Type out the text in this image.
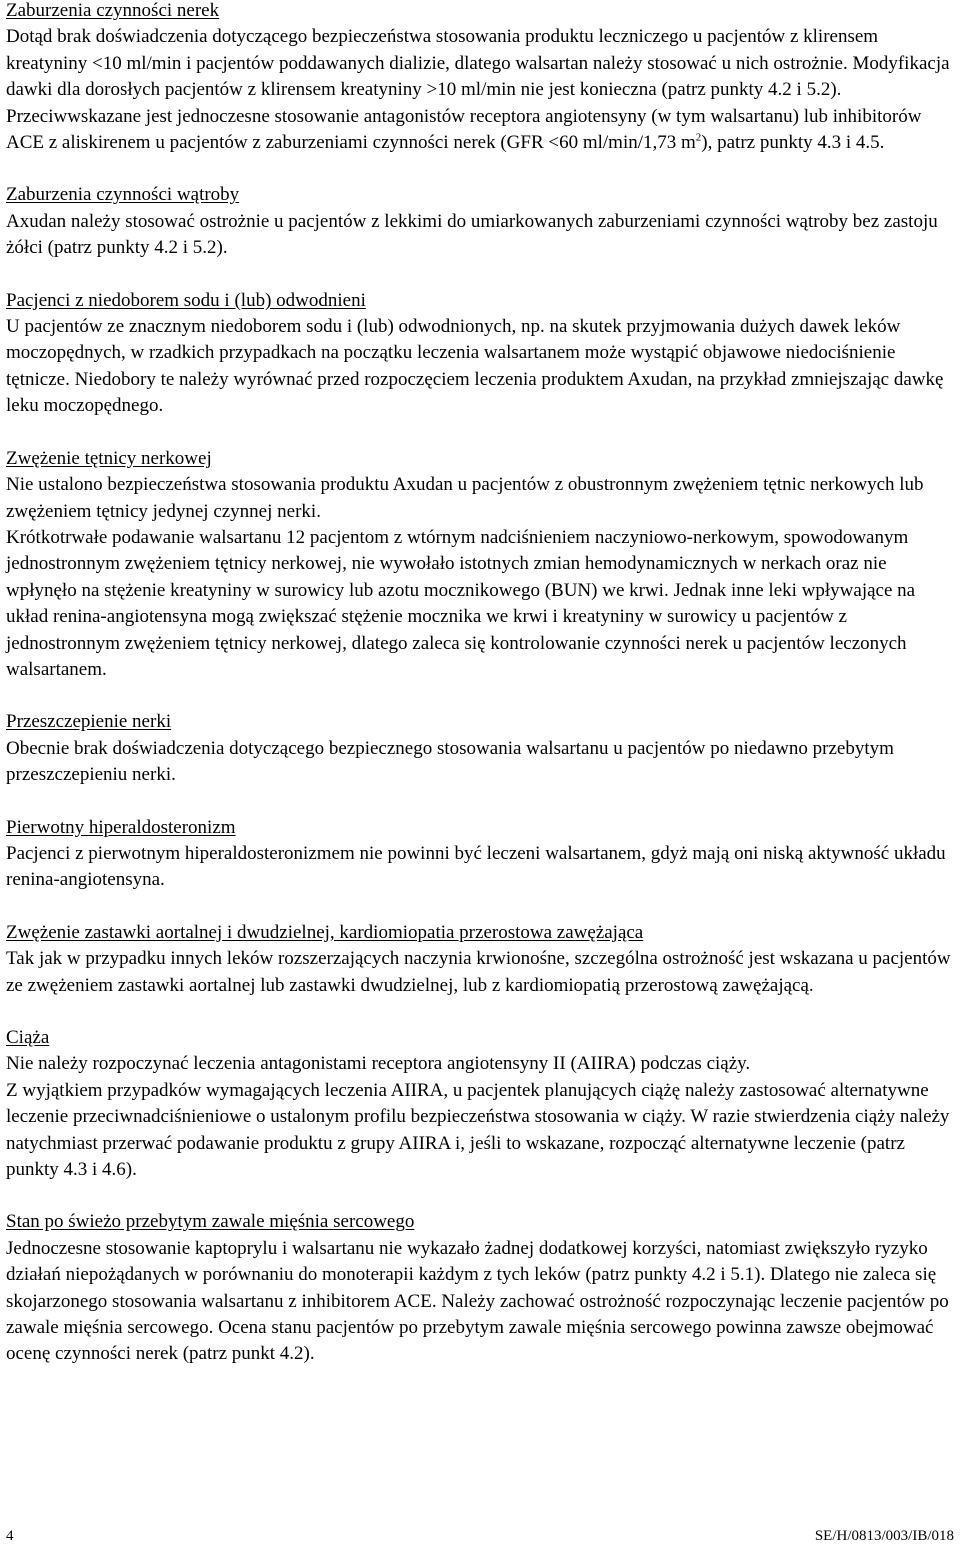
Zaburzenia czynności nerek

Dotąd brak doświadczenia dotyczącego bezpieczeństwa stosowania produktu leczniczego u pacjentów z klirensem kreatyniny <10 ml/min i pacjentów poddawanych dializie, dlatego walsartan należy stosować u nich ostrożnie. Modyfikacja dawki dla dorosłych pacjentów z klirensem kreatyniny >10 ml/min nie jest konieczna (patrz punkty 4.2 i 5.2).

Przeciwwskazane jest jednoczesne stosowanie antagonistów receptora angiotensyny (w tym walsartanu) lub inhibitorów ACE z aliskirenem u pacjentów z zaburzeniami czynności nerek (GFR <60 ml/min/1,73 $m^2$), patrz punkty 4.3 i 4.5.

Zaburzenia czynności wątroby

Axudan należy stosować ostrożnie u pacjentów z lekkimi do umiarkowanych zaburzeniami czynności wątroby bez zastoju żółci (patrz punkty 4.2 i 5.2).

Pacjenci z niedoborem sodu i (lub) odwodnieni

U pacjentów ze znacznym niedoborem sodu i (lub) odwodnionych, np. na skutek przyjmowania dużych dawek leków moczopędnych, w rzadkich przypadkach na początku leczenia walsartanem może wystąpić objawowe niedociśnienie tętnicze. Niedobory te należy wyrównać przed rozpoczęciem leczenia produktem Axudan, na przykład zmniejszając dawkę leku moczopędnego.

Zwężenie tętnicy nerkowej

Nie ustalono bezpieczeństwa stosowania produktu Axudan u pacjentów z obustronnym zwężeniem tętnic nerkowych lub zwężeniem tętnicy jedynej czynnej nerki.

Krótkotrwałe podawanie walsartanu 12 pacjentom z wtórnym nadciśnieniem naczyniowo-nerkowym, spowodowanym jednostronnym zwężeniem tętnicy nerkowej, nie wywołało istotnych zmian hemodynamicznych w nerkach oraz nie wpłynęło na stężenie kreatyniny w surowicy lub azotu mocznikowego (BUN) we krwi. Jednak inne leki wpływające na układ renina-angiotensyna mogą zwiększać stężenie mocznika we krwi i kreatyniny w surowicy u pacjentów z jednostronnym zwężeniem tętnicy nerkowej, dlatego zaleca się kontrolowanie czynności nerek u pacjentów leczonych walsartanem.

Przeszczepienie nerki

Obecnie brak doświadczenia dotyczącego bezpiecznego stosowania walsartanu u pacjentów po niedawno przebytym przeszczepieniu nerki.

Pierwotny hiperaldosteronizm

Pacjenci z pierwotnym hiperaldosteronizmem nie powinni być leczeni walsartanem, gdyż mają oni niską aktywność układu renina-angiotensyna.

Zwężenie zastawki aortalnej i dwudzielnej, kardiomiopatia przerostowa zawężająca

Tak jak w przypadku innych leków rozszerzających naczynia krwionośne, szczególna ostrożność jest wskazana u pacjentów ze zwężeniem zastawki aortalnej lub zastawki dwudzielnej, lub z kardiomiopatią przerostową zawężającą.

Ciąża

Nie należy rozpoczynać leczenia antagonistami receptora angiotensyny II (AIIRA) podczas ciąży.

Z wyjątkiem przypadków wymagających leczenia AIIRA, u pacjentek planujących ciążę należy zastosować alternatywne leczenie przeciwnadciśnieniowe o ustalonym profilu bezpieczeństwa stosowania w ciąży. W razie stwierdzenia ciąży należy natychmiast przerwać podawanie produktu z grupy AIIRA i, jeśli to wskazane, rozpocząć alternatywne leczenie (patrz punkty 4.3 i 4.6).

Stan po świeżo przebytym zawale mięśnia sercowego

Jednoczesne stosowanie kaptoprylu i walsartanu nie wykazało żadnej dodatkowej korzyści, natomiast zwiększyło ryzyko działań niepożądanych w porównaniu do monoterapii każdym z tych leków (patrz punkty 4.2 i 5.1). Dlatego nie zaleca się skojarzonego stosowania walsartanu z inhibitorem ACE. Należy zachować ostrożność rozpoczynając leczenie pacjentów po zawale mięśnia sercowego. Ocena stanu pacjentów po przebytym zawale mięśnia sercowego powinna zawsze obejmować ocenę czynności nerek (patrz punkt 4.2).

4	SE/H/0813/003/IB/018
